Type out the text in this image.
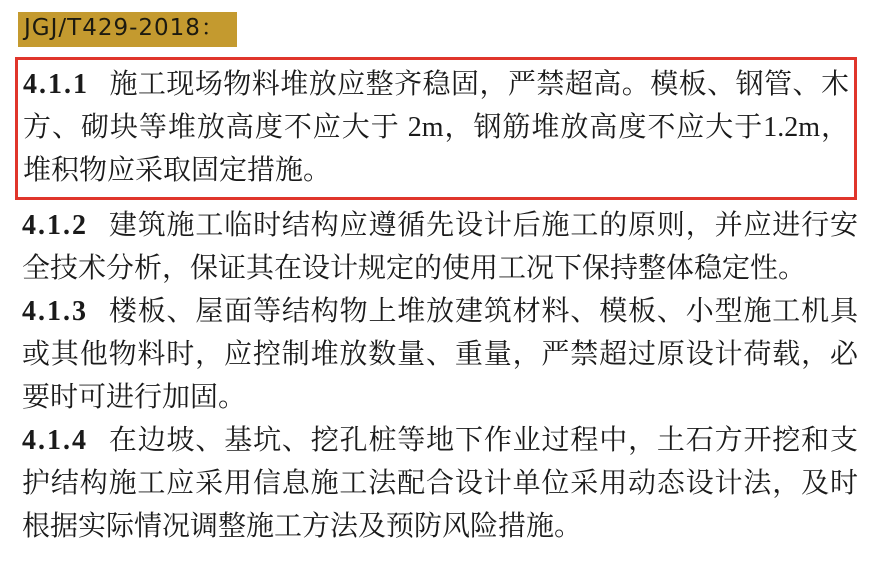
JGJ/T429-2018：

4.1.1 施工现场物料堆放应整齐稳固，严禁超高。模板、钢管、木方、砌块等堆放高度不应大于 2m，钢筋堆放高度不应大于1.2m，堆积物应采取固定措施。

4.1.2 建筑施工临时结构应遵循先设计后施工的原则，并应进行安全技术分析，保证其在设计规定的使用工况下保持整体稳定性。

4.1.3 楼板、屋面等结构物上堆放建筑材料、模板、小型施工机具或其他物料时，应控制堆放数量、重量，严禁超过原设计荷载，必要时可进行加固。

4.1.4 在边坡、基坑、挖孔桩等地下作业过程中，土石方开挖和支护结构施工应采用信息施工法配合设计单位采用动态设计法，及时根据实际情况调整施工方法及预防风险措施。
